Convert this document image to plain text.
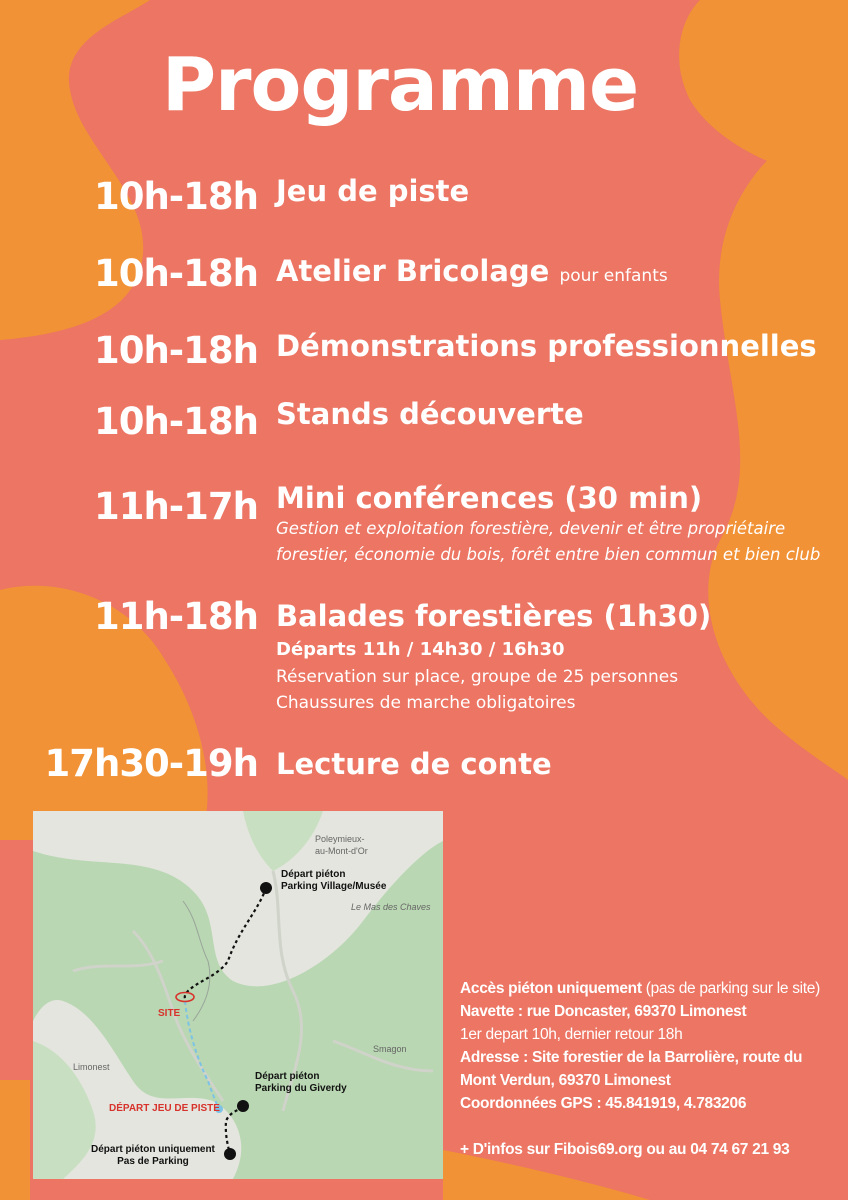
Programme
10h-18h Jeu de piste
10h-18h Atelier Bricolage pour enfants
10h-18h Démonstrations professionnelles
10h-18h Stands découverte
11h-17h Mini conférences (30 min)
Gestion et exploitation forestière, devenir et être propriétaire forestier, économie du bois, forêt entre bien commun et bien club
11h-18h Balades forestières (1h30)
Départs 11h / 14h30 / 16h30
Réservation sur place, groupe de 25 personnes
Chaussures de marche obligatoires
17h30-19h Lecture de conte
Poleymieux-
au-Mont-d'Or
Départ piéton
Parking Village/Musée
Le Mas des Chaves
SITE
Limonest
Smagon
Départ piéton
Parking du Giverdy
DÉPART JEU DE PISTE
Départ piéton uniquement
Pas de Parking
Accès piéton uniquement (pas de parking sur le site)
Navette : rue Doncaster, 69370 Limonest
1er depart 10h, dernier retour 18h
Adresse : Site forestier de la Barrolière, route du
Mont Verdun, 69370 Limonest
Coordonnées GPS : 45.841919, 4.783206
+ D'infos sur Fibois69.org ou au 04 74 67 21 93
